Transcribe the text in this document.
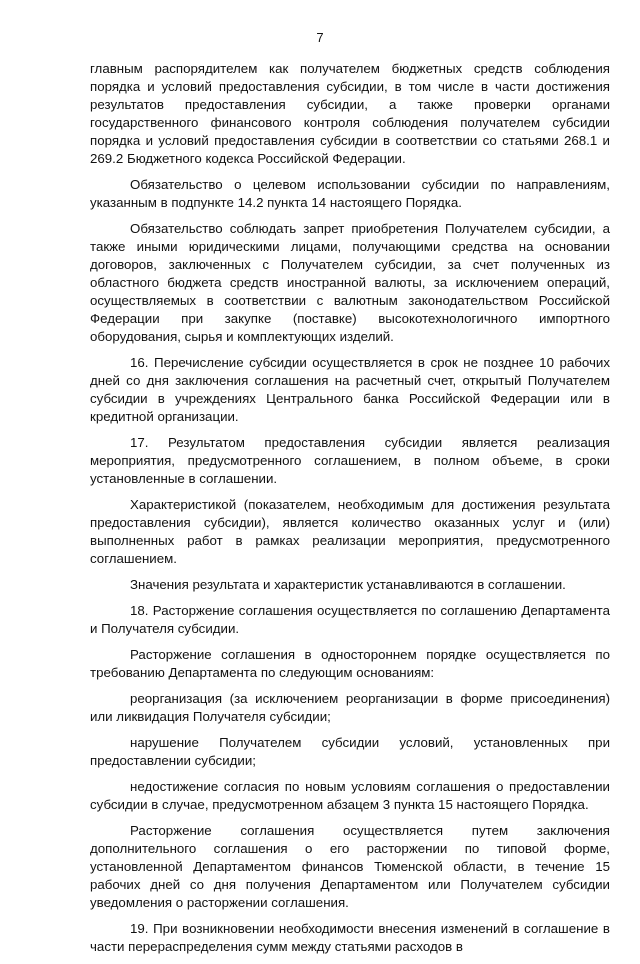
7

главным распорядителем как получателем бюджетных средств соблюдения порядка и условий предоставления субсидии, в том числе в части достижения результатов предоставления субсидии, а также проверки органами государственного финансового контроля соблюдения получателем субсидии порядка и условий предоставления субсидии в соответствии со статьями 268.1 и 269.2 Бюджетного кодекса Российской Федерации.

Обязательство о целевом использовании субсидии по направлениям, указанным в подпункте 14.2 пункта 14 настоящего Порядка.

Обязательство соблюдать запрет приобретения Получателем субсидии, а также иными юридическими лицами, получающими средства на основании договоров, заключенных с Получателем субсидии, за счет полученных из областного бюджета средств иностранной валюты, за исключением операций, осуществляемых в соответствии с валютным законодательством Российской Федерации при закупке (поставке) высокотехнологичного импортного оборудования, сырья и комплектующих изделий.

16. Перечисление субсидии осуществляется в срок не позднее 10 рабочих дней со дня заключения соглашения на расчетный счет, открытый Получателем субсидии в учреждениях Центрального банка Российской Федерации или в кредитной организации.

17. Результатом предоставления субсидии является реализация мероприятия, предусмотренного соглашением, в полном объеме, в сроки установленные в соглашении.

Характеристикой (показателем, необходимым для достижения результата предоставления субсидии), является количество оказанных услуг и (или) выполненных работ в рамках реализации мероприятия, предусмотренного соглашением.

Значения результата и характеристик устанавливаются в соглашении.

18. Расторжение соглашения осуществляется по соглашению Департамента и Получателя субсидии.

Расторжение соглашения в одностороннем порядке осуществляется по требованию Департамента по следующим основаниям:

реорганизация (за исключением реорганизации в форме присоединения) или ликвидация Получателя субсидии;

нарушение Получателем субсидии условий, установленных при предоставлении субсидии;

недостижение согласия по новым условиям соглашения о предоставлении субсидии в случае, предусмотренном абзацем 3 пункта 15 настоящего Порядка.

Расторжение соглашения осуществляется путем заключения дополнительного соглашения о его расторжении по типовой форме, установленной Департаментом финансов Тюменской области, в течение 15 рабочих дней со дня получения Департаментом или Получателем субсидии уведомления о расторжении соглашения.

19. При возникновении необходимости внесения изменений в соглашение в части перераспределения сумм между статьями расходов в
